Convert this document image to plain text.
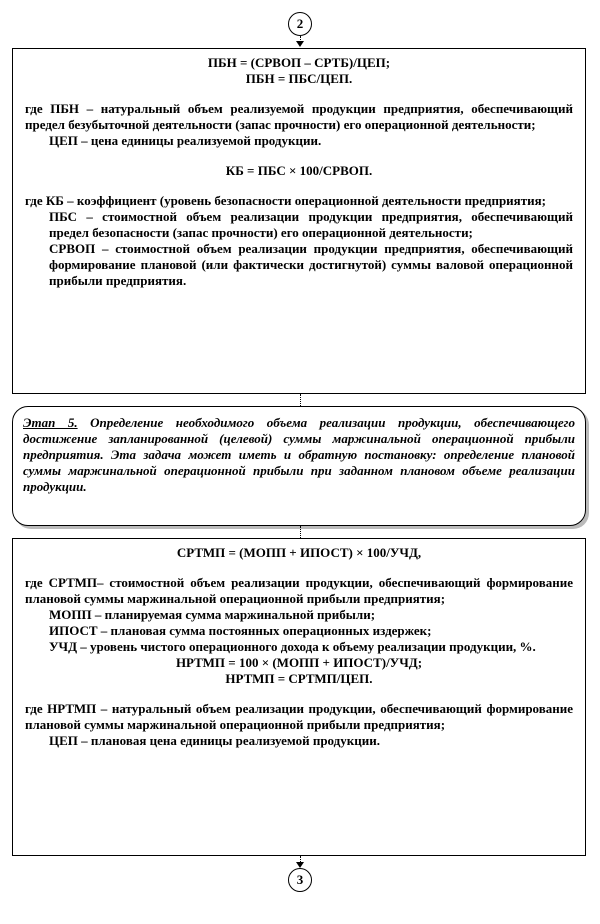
2

ПБН = (СРВОП – СРТБ)/ЦЕП;

ПБН = ПБС/ЦЕП.

где ПБН – натуральный объем реализуемой продукции предприятия, обеспечивающий предел безубыточной деятельности (запас прочности) его операционной деятельности;

ЦЕП – цена единицы реализуемой продукции.

КБ = ПБС × 100/СРВОП.

где КБ – коэффициент (уровень безопасности операционной деятельности предприятия;

ПБС – стоимостной объем реализации продукции предприятия, обеспечивающий предел безопасности (запас прочности) его операционной деятельности;

СРВОП – стоимостной объем реализации продукции предприятия, обеспечивающий формирование плановой (или фактически достигнутой) суммы валовой операционной прибыли предприятия.

Этап 5. Определение необходимого объема реализации продукции, обеспечивающего достижение запланированной (целевой) суммы маржинальной операционной прибыли предприятия. Эта задача может иметь и обратную постановку: определение плановой суммы маржинальной операционной прибыли при заданном плановом объеме реализации продукции.

СРТМП = (МОПП + ИПОСТ) × 100/УЧД,

где СРТМП– стоимостной объем реализации продукции, обеспечивающий формирование плановой суммы маржинальной операционной прибыли предприятия;

МОПП – планируемая сумма маржинальной прибыли;

ИПОСТ – плановая сумма постоянных операционных издержек;

УЧД – уровень чистого операционного дохода к объему реализации продукции, %.

НРТМП = 100 × (МОПП + ИПОСТ)/УЧД;

НРТМП = СРТМП/ЦЕП.

где НРТМП – натуральный объем реализации продукции, обеспечивающий формирование плановой суммы маржинальной операционной прибыли предприятия;

ЦЕП – плановая цена единицы реализуемой продукции.

3
